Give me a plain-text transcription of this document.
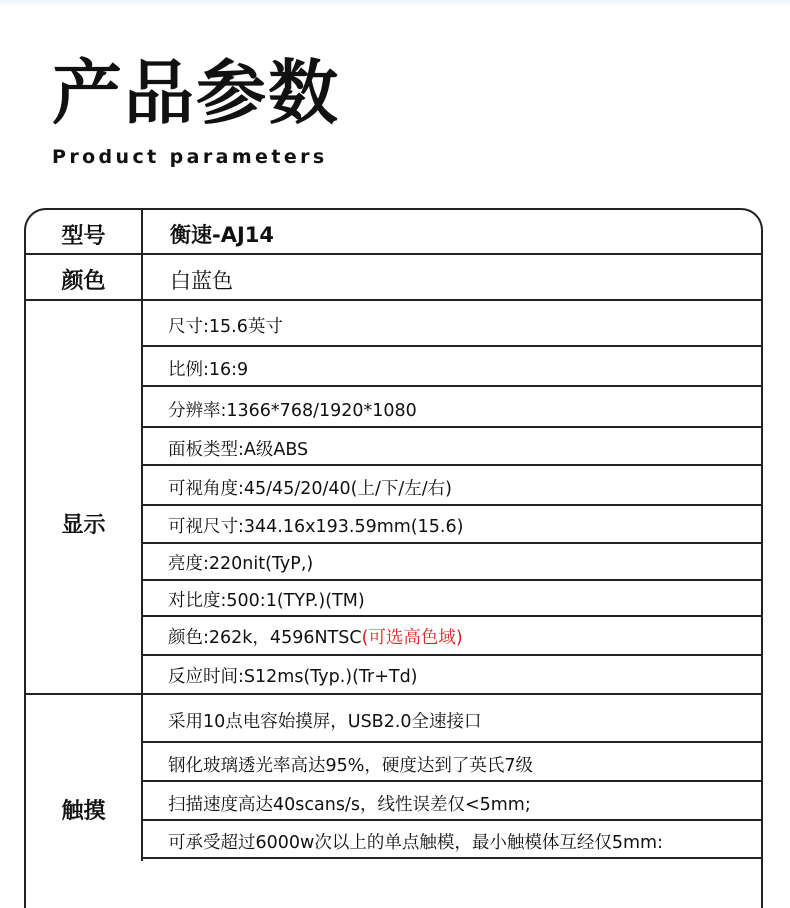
产品参数
Product parameters
型号
颜色
显示
触摸
衡速-AJ14
白蓝色
尺寸:15.6英寸
比例:16:9
分辨率:1366*768/1920*1080
面板类型:A级ABS
可视角度:45/45/20/40(上/下/左/右)
可视尺寸:344.16x193.59mm(15.6)
亮度:220nit(TyP,)
对比度:500:1(TYP.)(TM)
颜色:262k，4596NTSC(可选高色域)
反应时间:S12ms(Typ.)(Tr+Td)
采用10点电容始摸屏，USB2.0全速接口
钢化玻璃透光率高达95%，硬度达到了英氏7级
扫描速度高达40scans/s，线性误差仅<5mm;
可承受超过6000w次以上的单点触模，最小触模体互经仅5mm:
